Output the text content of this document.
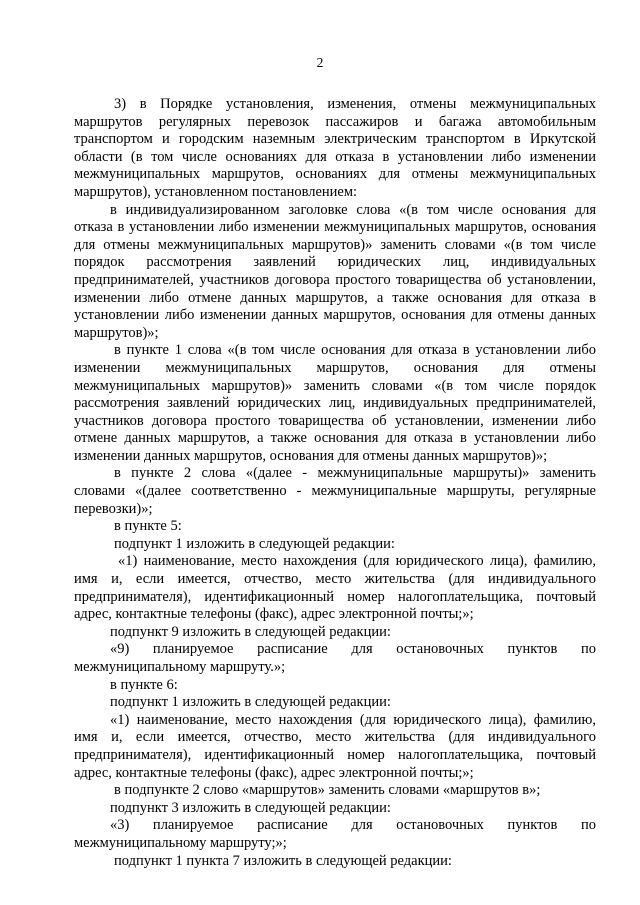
2

3) в Порядке установления, изменения, отмены межмуниципальных маршрутов регулярных перевозок пассажиров и багажа автомобильным транспортом и городским наземным электрическим транспортом в Иркутской области (в том числе основаниях для отказа в установлении либо изменении межмуниципальных маршрутов, основаниях для отмены межмуниципальных маршрутов), установленном постановлением:

в индивидуализированном заголовке слова «(в том числе основания для отказа в установлении либо изменении межмуниципальных маршрутов, основания для отмены межмуниципальных маршрутов)» заменить словами «(в том числе порядок рассмотрения заявлений юридических лиц, индивидуальных предпринимателей, участников договора простого товарищества об установлении, изменении либо отмене данных маршрутов, а также основания для отказа в установлении либо изменении данных маршрутов, основания для отмены данных маршрутов)»;

в пункте 1 слова «(в том числе основания для отказа в установлении либо изменении межмуниципальных маршрутов, основания для отмены межмуниципальных маршрутов)» заменить словами «(в том числе порядок рассмотрения заявлений юридических лиц, индивидуальных предпринимателей, участников договора простого товарищества об установлении, изменении либо отмене данных маршрутов, а также основания для отказа в установлении либо изменении данных маршрутов, основания для отмены данных маршрутов)»;

в пункте 2 слова «(далее - межмуниципальные маршруты)» заменить словами «(далее соответственно - межмуниципальные маршруты, регулярные перевозки)»;

в пункте 5:

подпункт 1 изложить в следующей редакции:

«1) наименование, место нахождения (для юридического лица), фамилию, имя и, если имеется, отчество, место жительства (для индивидуального предпринимателя), идентификационный номер налогоплательщика, почтовый адрес, контактные телефоны (факс), адрес электронной почты;»;

подпункт 9 изложить в следующей редакции:

«9) планируемое расписание для остановочных пунктов по межмуниципальному маршруту.»;

в пункте 6:

подпункт 1 изложить в следующей редакции:

«1) наименование, место нахождения (для юридического лица), фамилию, имя и, если имеется, отчество, место жительства (для индивидуального предпринимателя), идентификационный номер налогоплательщика, почтовый адрес, контактные телефоны (факс), адрес электронной почты;»;

в подпункте 2 слово «маршрутов» заменить словами «маршрутов в»;

подпункт 3 изложить в следующей редакции:

«3) планируемое расписание для остановочных пунктов по межмуниципальному маршруту;»;

подпункт 1 пункта 7 изложить в следующей редакции:
